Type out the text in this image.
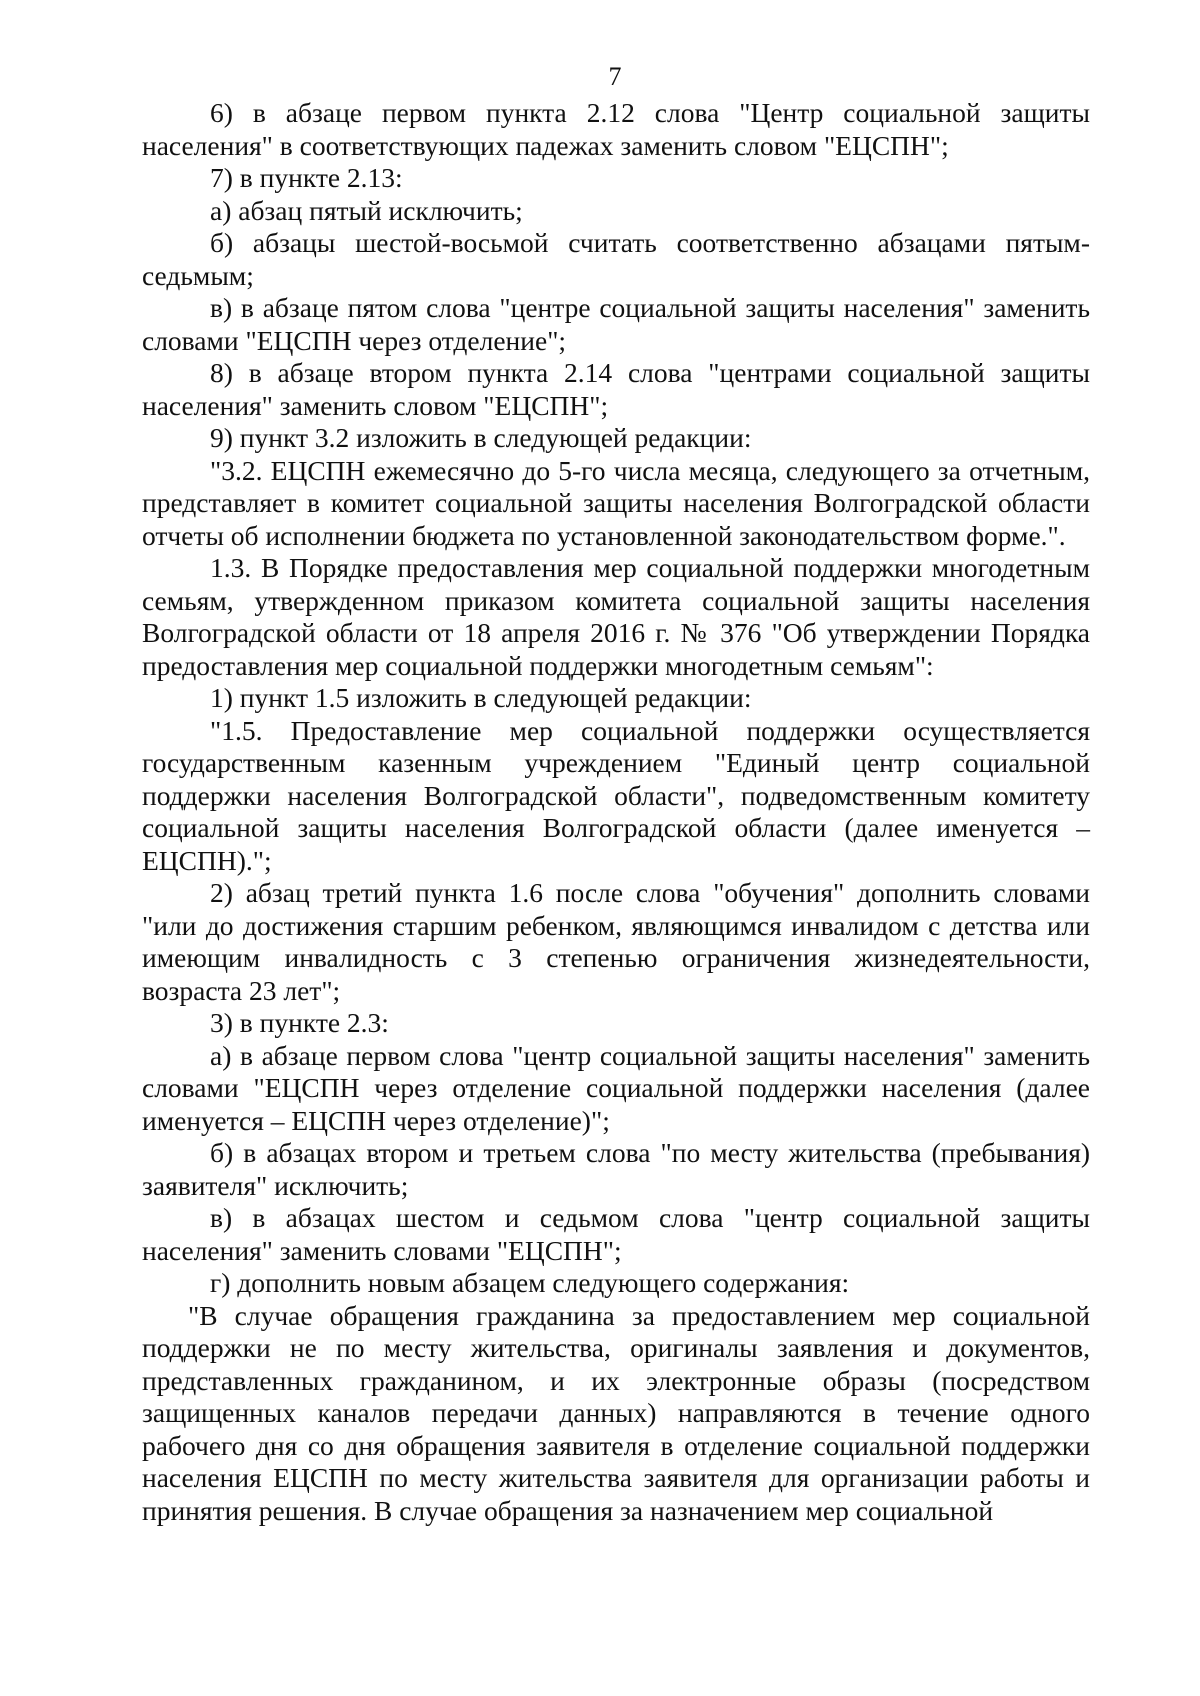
7

6) в абзаце первом пункта 2.12 слова "Центр социальной защиты населения" в соответствующих падежах заменить словом "ЕЦСПН";

7) в пункте 2.13:

а) абзац пятый исключить;

б) абзацы шестой-восьмой считать соответственно абзацами пятым-седьмым;

в) в абзаце пятом слова "центре социальной защиты населения" заменить словами "ЕЦСПН через отделение";

8) в абзаце втором пункта 2.14 слова "центрами социальной защиты населения" заменить словом "ЕЦСПН";

9) пункт 3.2 изложить в следующей редакции:

"3.2. ЕЦСПН ежемесячно до 5-го числа месяца, следующего за отчетным, представляет в комитет социальной защиты населения Волгоградской области отчеты об исполнении бюджета по установленной законодательством форме.".

1.3. В Порядке предоставления мер социальной поддержки многодетным семьям, утвержденном приказом комитета социальной защиты населения Волгоградской области от 18 апреля 2016 г. № 376 "Об утверждении Порядка предоставления мер социальной поддержки многодетным семьям":

1) пункт 1.5 изложить в следующей редакции:

"1.5. Предоставление мер социальной поддержки осуществляется государственным казенным учреждением "Единый центр социальной поддержки населения Волгоградской области", подведомственным комитету социальной защиты населения Волгоградской области (далее именуется – ЕЦСПН).";

2) абзац третий пункта 1.6 после слова "обучения" дополнить словами "или до достижения старшим ребенком, являющимся инвалидом с детства или имеющим инвалидность с 3 степенью ограничения жизнедеятельности, возраста 23 лет";

3) в пункте 2.3:

а) в абзаце первом слова "центр социальной защиты населения" заменить словами "ЕЦСПН через отделение социальной поддержки населения (далее именуется – ЕЦСПН через отделение)";

б) в абзацах втором и третьем слова "по месту жительства (пребывания) заявителя" исключить;

в) в абзацах шестом и седьмом слова "центр социальной защиты населения" заменить словами "ЕЦСПН";

г) дополнить новым абзацем следующего содержания:

"В случае обращения гражданина за предоставлением мер социальной поддержки не по месту жительства, оригиналы заявления и документов, представленных гражданином, и их электронные образы (посредством защищенных каналов передачи данных) направляются в течение одного рабочего дня со дня обращения заявителя в отделение социальной поддержки населения ЕЦСПН по месту жительства заявителя для организации работы и принятия решения. В случае обращения за назначением мер социальной
